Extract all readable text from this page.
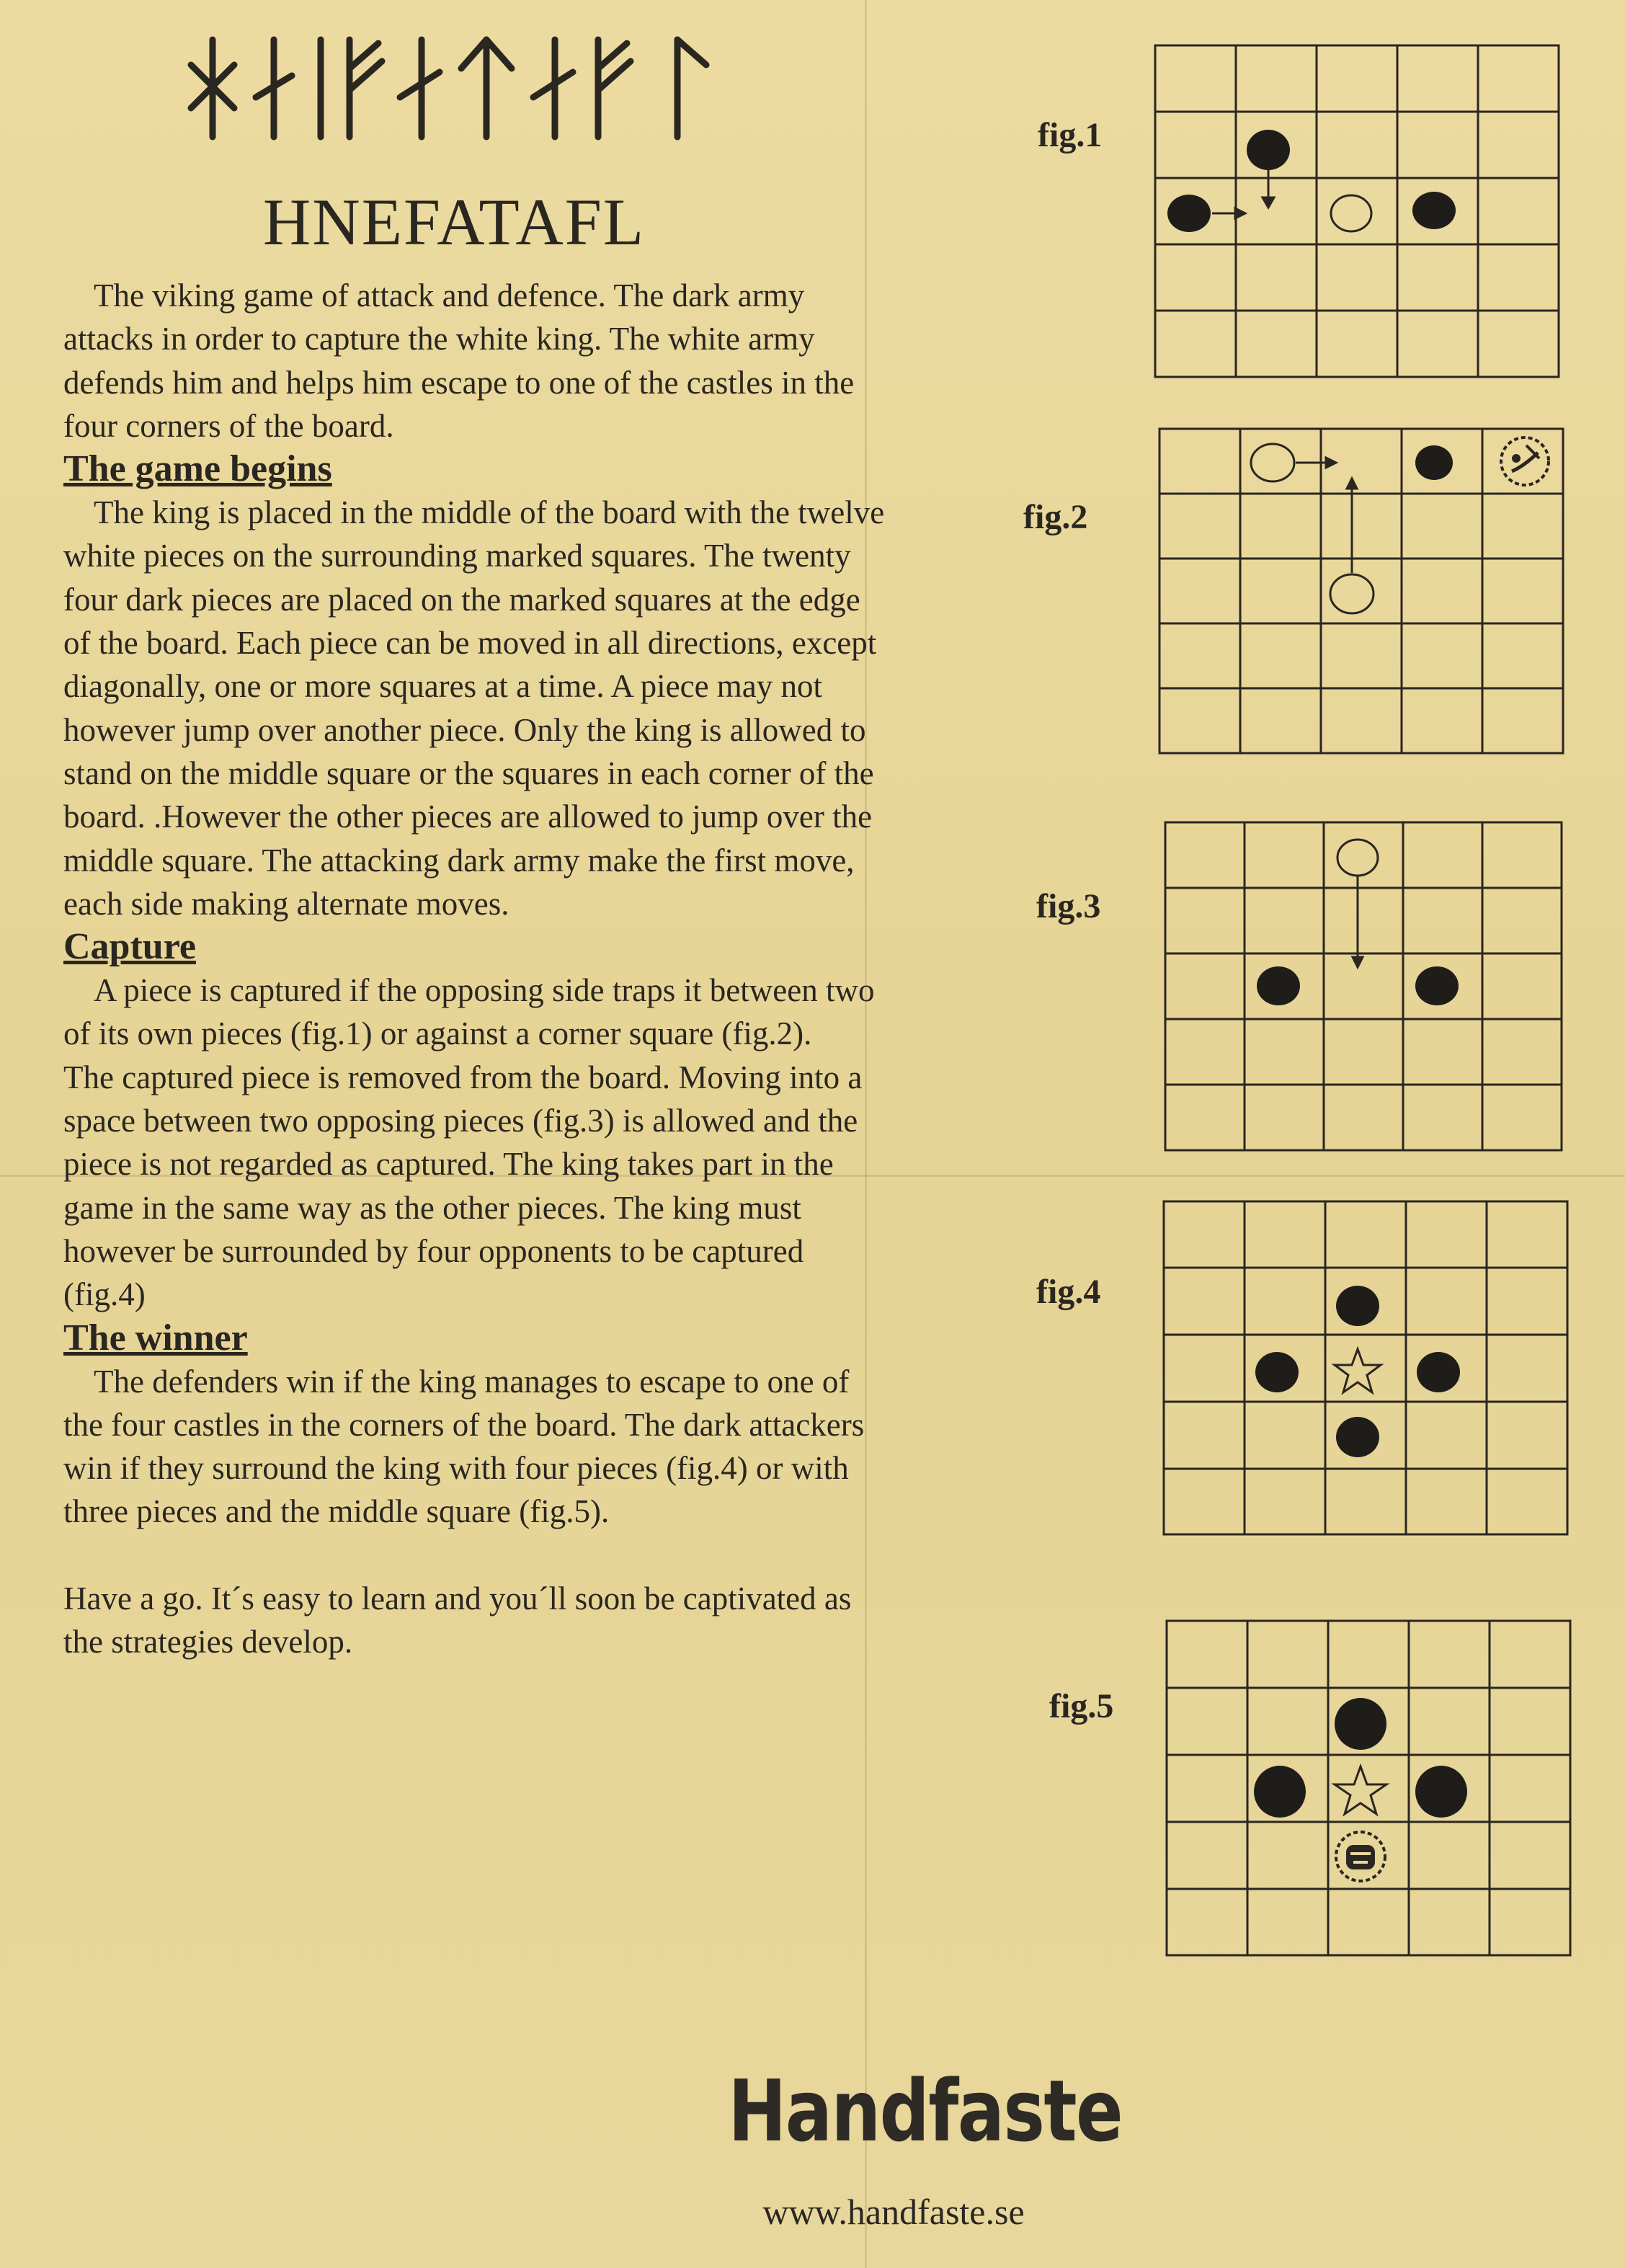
HNEFATAFL

The viking game of attack and defence. The dark army attacks in order to capture the white king. The white army defends him and helps him escape to one of the castles in the four corners of the board.

The game begins

The king is placed in the middle of the board with the twelve white pieces on the surrounding marked squares. The twenty four dark pieces are placed on the marked squares at the edge of the board. Each piece can be moved in all directions, except diagonally, one or more squares at a time. A piece may not however jump over another piece. Only the king is allowed to stand on the middle square or the squares in each corner of the board. .However the other pieces are allowed to jump over the middle square. The attacking dark army make the first move, each side making alternate moves.

Capture

A piece is captured if the opposing side traps it between two of its own pieces (fig.1) or against a corner square (fig.2).

The captured piece is removed from the board. Moving into a space between two opposing pieces (fig.3) is allowed and the piece is not regarded as captured. The king takes part in the game in the same way as the other pieces. The king must however be surrounded by four opponents to be captured (fig.4)

The winner

The defenders win if the king manages to escape to one of the four castles in the corners of the board. The dark attackers win if they surround the king with four pieces (fig.4) or with three pieces and the middle square (fig.5).

Have a go. It´s easy to learn and you´ll soon be captivated as the strategies develop.

fig.1
fig.2
fig.3
fig.4
fig.5
Handfaste
www.handfaste.se
